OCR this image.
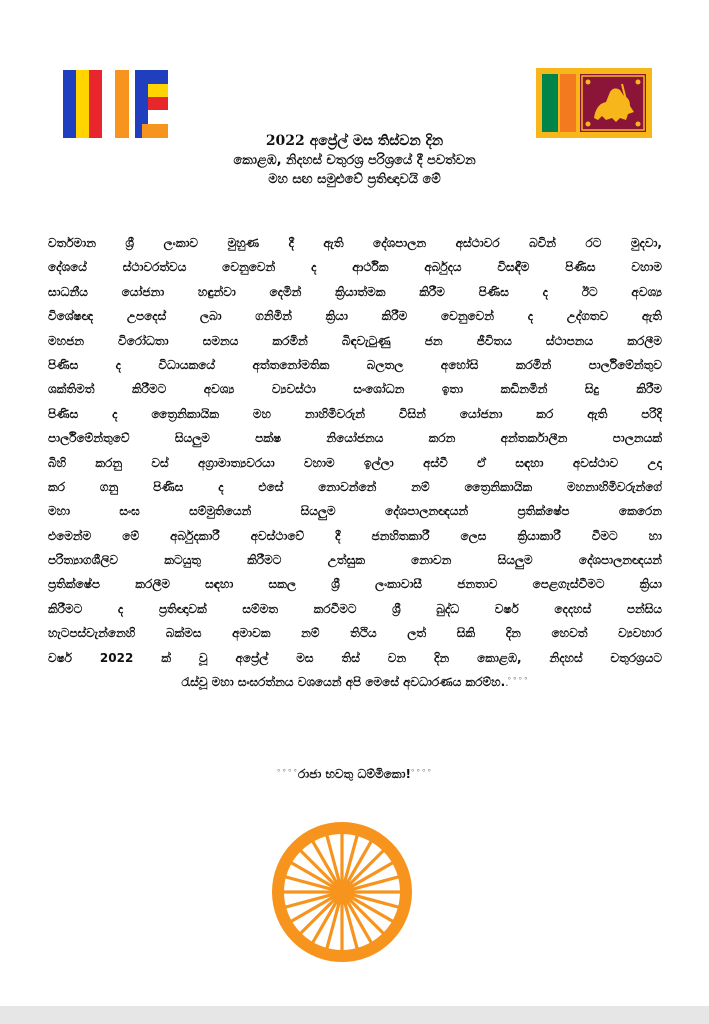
2022 අප්‍රේල් මස තිස්වන දින
කොළඹ, නිදහස් චතුරශ්‍ර පරිශ්‍රයේ දී පවත්වන
මහ සඟ සමුළුවේ ප්‍රතිඥාවයි මේ
වර්තමාන ශ්‍රී ලංකාව මුහුණ දී ඇති දේශපාලන අස්ථාවර බවින් රට මුදවා,
දේශයේ ස්ථාවරත්වය වෙනුවෙන් ද ආර්ථික අර්බුදය විසඳීම පිණිස වහාම
සාධනීය යෝජනා හඳුන්වා දෙමින් ක්‍රියාත්මක කිරීම පිණිස ද ඊට අවශ්‍ය
විශේෂඥ උපදෙස් ලබා ගනිමින් ක්‍රියා කිරීම වෙනුවෙන් ද උද්ගතව ඇති
මහජන විරෝධතා සමනය කරමින් බිඳවැටුණු ජන ජීවිතය ස්ථාපනය කරලීම
පිණිස ද විධායකයේ අත්තනෝමතික බලතල අහෝසි කරමින් පාර්ලිමේන්තුව
ශක්තිමත් කිරීමට අවශ්‍ය ව්‍යවස්ථා සංශෝධන ඉතා කඩිනමින් සිදු කිරීම
පිණිස ද ත්‍රෛනිකායික මහ නාහිමිවරුන් විසින් යෝජනා කර ඇති පරිදි
පාර්ලිමේන්තුවේ සියලුම පක්ෂ නියෝජනය කරන අන්තර්කාලීන පාලනයක්
බිහි කරනු වස් අග්‍රාමාත්‍යවරයා වහාම ඉල්ලා අස්වී ඒ සඳහා අවස්ථාව උදා
කර ගනු පිණිස ද එසේ නොවන්නේ නම් ත්‍රෛනිකායික මහනාහිමිවරුන්ගේ
මහා සංඝ සම්මුතියෙන් සියලුම දේශපාලනඥයන් ප්‍රතික්ෂේප කෙරෙන
එමෙන්ම මේ අර්බුදකාරී අවස්ථාවේ දී ජනහිතකාරී ලෙස ක්‍රියාකාරී වීමට හා
පරිත්‍යාගශීලිව කටයුතු කිරීමට උත්සුක නොවන සියලුම දේශපාලනඥයන්
ප්‍රතික්ෂේප කරලීම සඳහා සකල ශ්‍රී ලංකාවාසී ජනතාව පෙළගැස්වීමට ක්‍රියා
කිරීමට ද ප්‍රතිඥාවක් සම්මත කරවීමට ශ්‍රී බුද්ධ වර්ෂ දෙදහස් පන්සිය
හැටපස්වැන්නෙහි බක්මස අමාවක නම් තිථිය ලත් සිකි දින හෙවත් ව්‍යවහාර
වර්ෂ 2022 ක් වූ අප්‍රේල් මස තිස් වන දින කොළඹ, නිදහස් චතුරශ්‍රයට
රැස්වූ මහා සංඝරත්නය වශයෙන් අපි මෙසේ අවධාරණය කරම්හ..ﾟﾟﾟﾟ
ﾟﾟﾟﾟරාජා භවතු ධම්මිකො!ﾟﾟﾟﾟ
